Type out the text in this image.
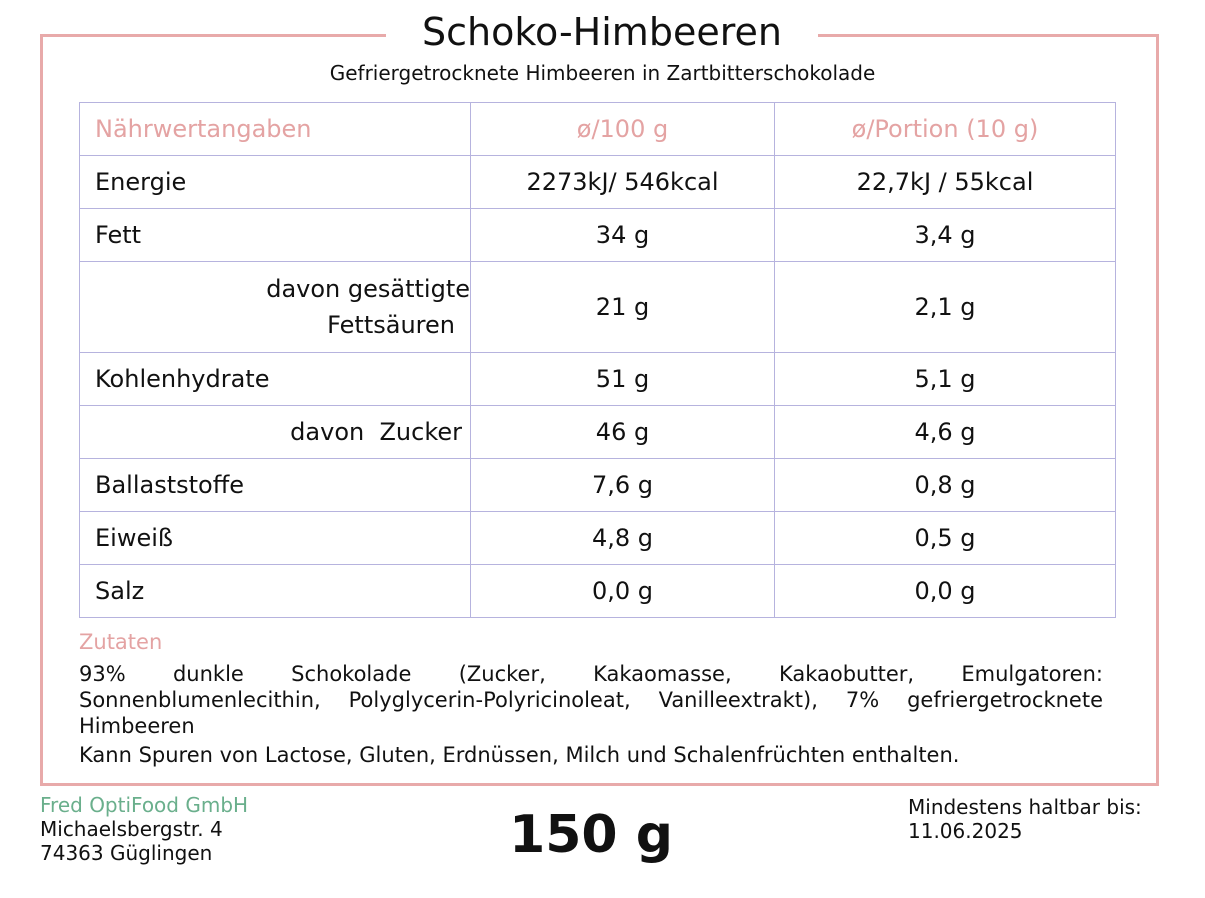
Schoko-Himbeeren
Gefriergetrocknete Himbeeren in Zartbitterschokolade
Nährwertangaben	ø/100 g	ø/Portion (10 g)
Energie	2273kJ/ 546kcal	22,7kJ / 55kcal
Fett	34 g	3,4 g

davon gesättigte
Fettsäuren	21 g	2,1 g
Kohlenhydrate	51 g	5,1 g
davon  Zucker	46 g	4,6 g
Ballaststoffe	7,6 g	0,8 g
Eiweiß	4,8 g	0,5 g
Salz	0,0 g	0,0 g
Zutaten
93% dunkle Schokolade (Zucker, Kakaomasse, Kakaobutter, Emulgatoren: Sonnenblumenlecithin, Polyglycerin-Polyricinoleat, Vanilleextrakt), 7% gefriergetrocknete Himbeeren
Kann Spuren von Lactose, Gluten, Erdnüssen, Milch und Schalenfrüchten enthalten.
Fred OptiFood GmbH
Michaelsbergstr. 4
74363 Güglingen	150 g	Mindestens haltbar bis:
11.06.2025
